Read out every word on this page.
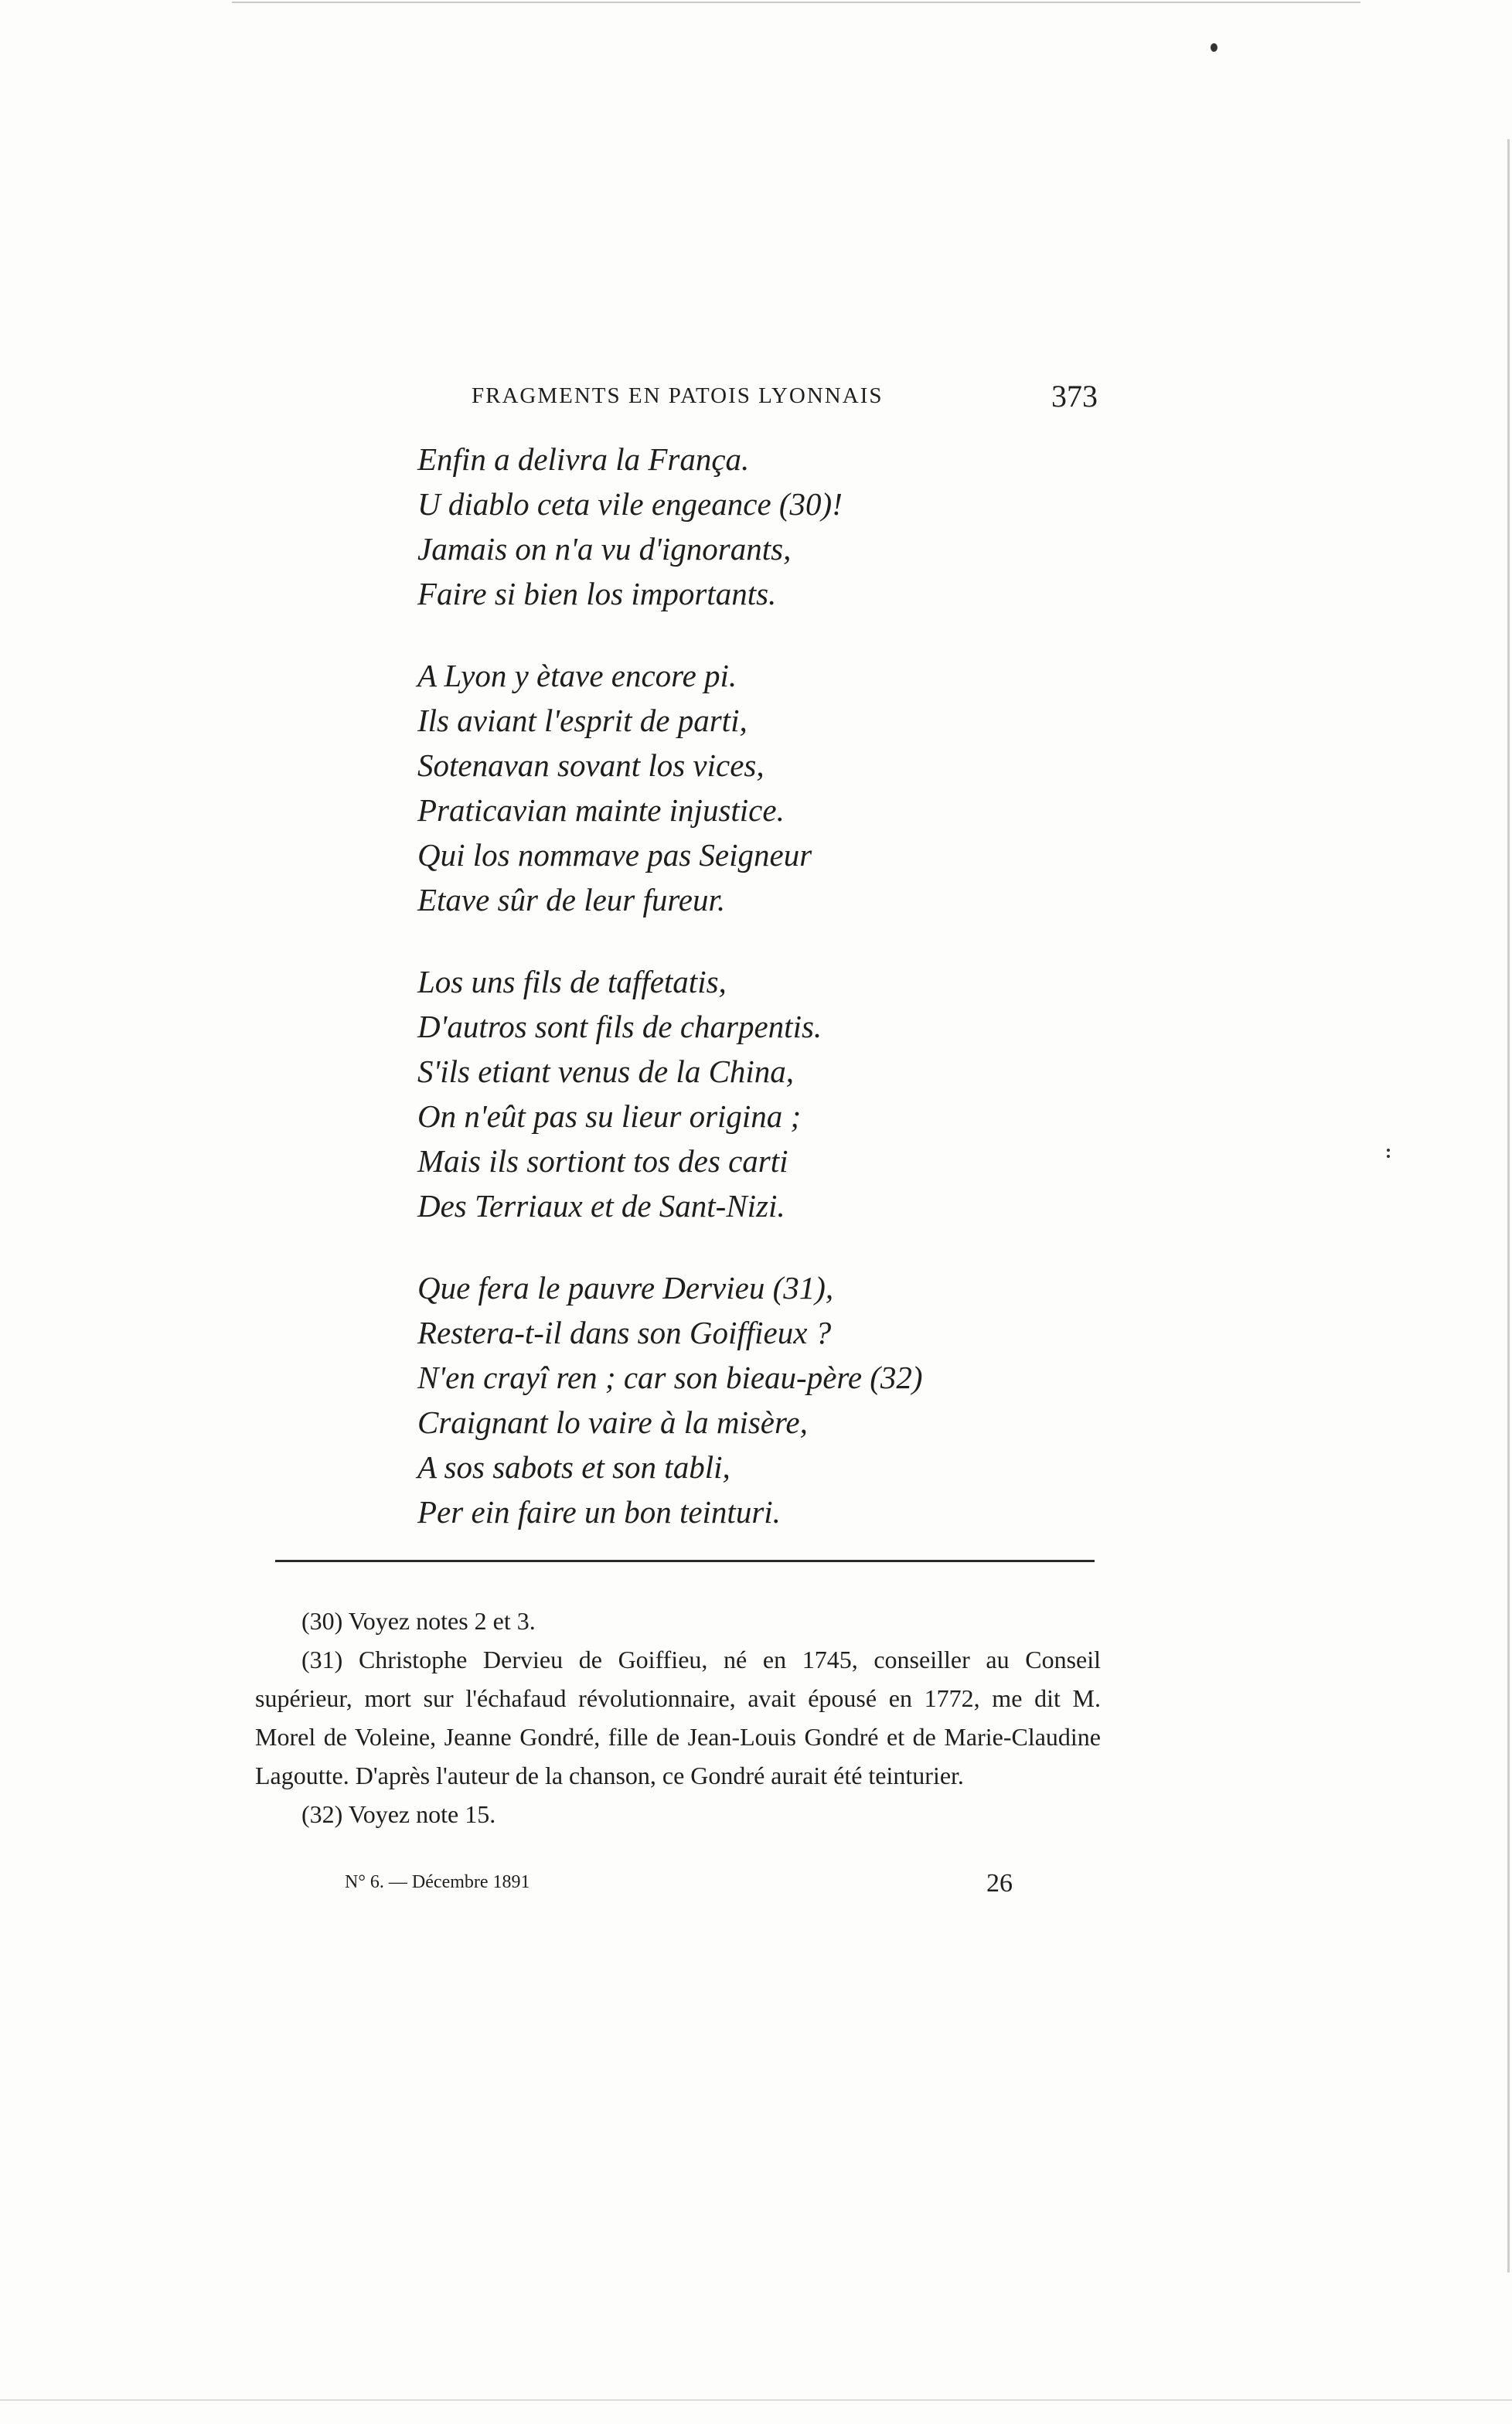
FRAGMENTS EN PATOIS LYONNAIS	373
Enfin a delivra la França.
U diablo ceta vile engeance (30)!
Jamais on n'a vu d'ignorants,
Faire si bien los importants.
A Lyon y ètave encore pi.
Ils aviant l'esprit de parti,
Sotenavan sovant los vices,
Praticavian mainte injustice.
Qui los nommave pas Seigneur
Etave sûr de leur fureur.
Los uns fils de taffetatis,
D'autros sont fils de charpentis.
S'ils etiant venus de la China,
On n'eût pas su lieur origina ;
Mais ils sortiont tos des carti
Des Terriaux et de Sant-Nizi.
Que fera le pauvre Dervieu (31),
Restera-t-il dans son Goiffieux ?
N'en crayî ren ; car son bieau-père (32)
Craignant lo vaire à la misère,
A sos sabots et son tabli,
Per ein faire un bon teinturi.

(30) Voyez notes 2 et 3.

(31) Christophe Dervieu de Goiffieu, né en 1745, conseiller au Conseil supérieur, mort sur l'échafaud révolutionnaire, avait épousé en 1772, me dit M. Morel de Voleine, Jeanne Gondré, fille de Jean-Louis Gondré et de Marie-Claudine Lagoutte. D'après l'auteur de la chanson, ce Gondré aurait été teinturier.

(32) Voyez note 15.

N° 6. — Décembre 1891	26
